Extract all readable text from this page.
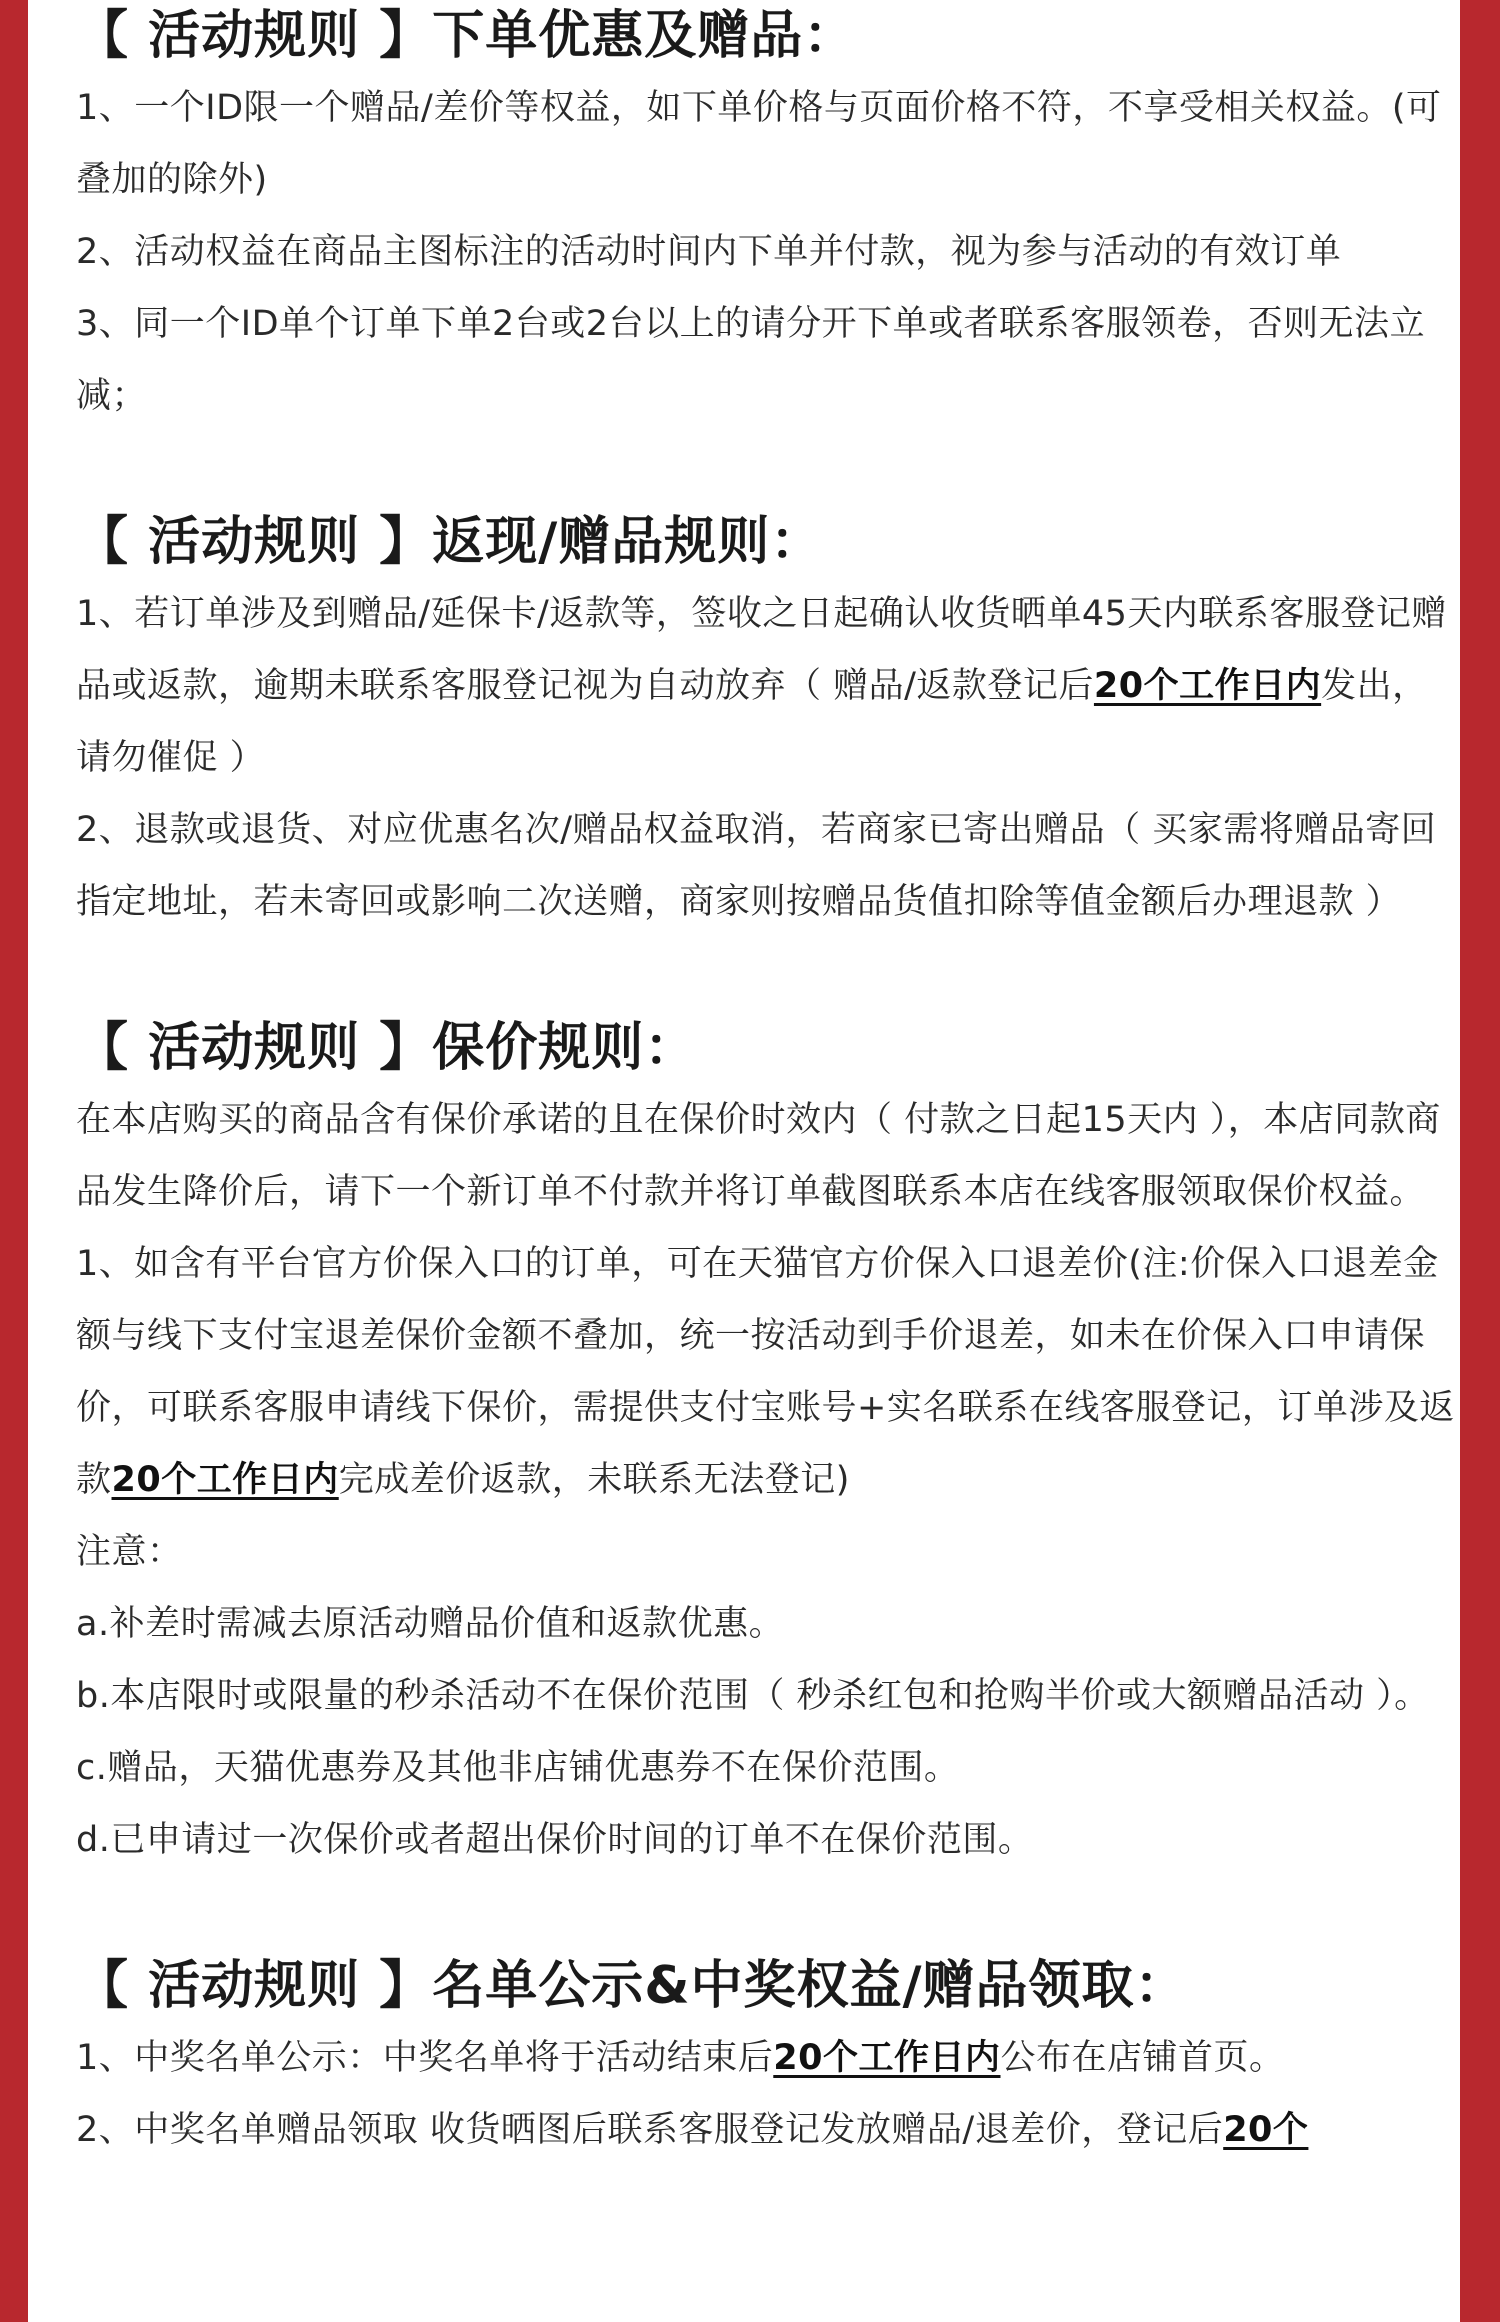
【 活动规则 】下单优惠及赠品：

1、一个ID限一个赠品/差价等权益，如下单价格与页面价格不符，不享受相关权益。(可叠加的除外)

2、活动权益在商品主图标注的活动时间内下单并付款，视为参与活动的有效订单

3、同一个ID单个订单下单2台或2台以上的请分开下单或者联系客服领卷，否则无法立减；

【 活动规则 】返现/赠品规则：

1、若订单涉及到赠品/延保卡/返款等，签收之日起确认收货晒单45天内联系客服登记赠品或返款，逾期未联系客服登记视为自动放弃（ 赠品/返款登记后20个工作日内发出，请勿催促 ）

2、退款或退货、对应优惠名次/赠品权益取消，若商家已寄出赠品（ 买家需将赠品寄回指定地址，若未寄回或影响二次送赠，商家则按赠品货值扣除等值金额后办理退款 ）

【 活动规则 】保价规则：

在本店购买的商品含有保价承诺的且在保价时效内（ 付款之日起15天内 ），本店同款商品发生降价后，请下一个新订单不付款并将订单截图联系本店在线客服领取保价权益。

1、如含有平台官方价保入口的订单，可在天猫官方价保入口退差价(注:价保入口退差金额与线下支付宝退差保价金额不叠加，统一按活动到手价退差，如未在价保入口申请保价，可联系客服申请线下保价，需提供支付宝账号+实名联系在线客服登记，订单涉及返款20个工作日内完成差价返款，未联系无法登记)

注意：

a.补差时需减去原活动赠品价值和返款优惠。

b.本店限时或限量的秒杀活动不在保价范围（ 秒杀红包和抢购半价或大额赠品活动 ）。

c.赠品，天猫优惠券及其他非店铺优惠券不在保价范围。

d.已申请过一次保价或者超出保价时间的订单不在保价范围。

【 活动规则 】名单公示&中奖权益/赠品领取：

1、中奖名单公示：中奖名单将于活动结束后20个工作日内公布在店铺首页。

2、中奖名单赠品领取 收货晒图后联系客服登记发放赠品/退差价，登记后20个
